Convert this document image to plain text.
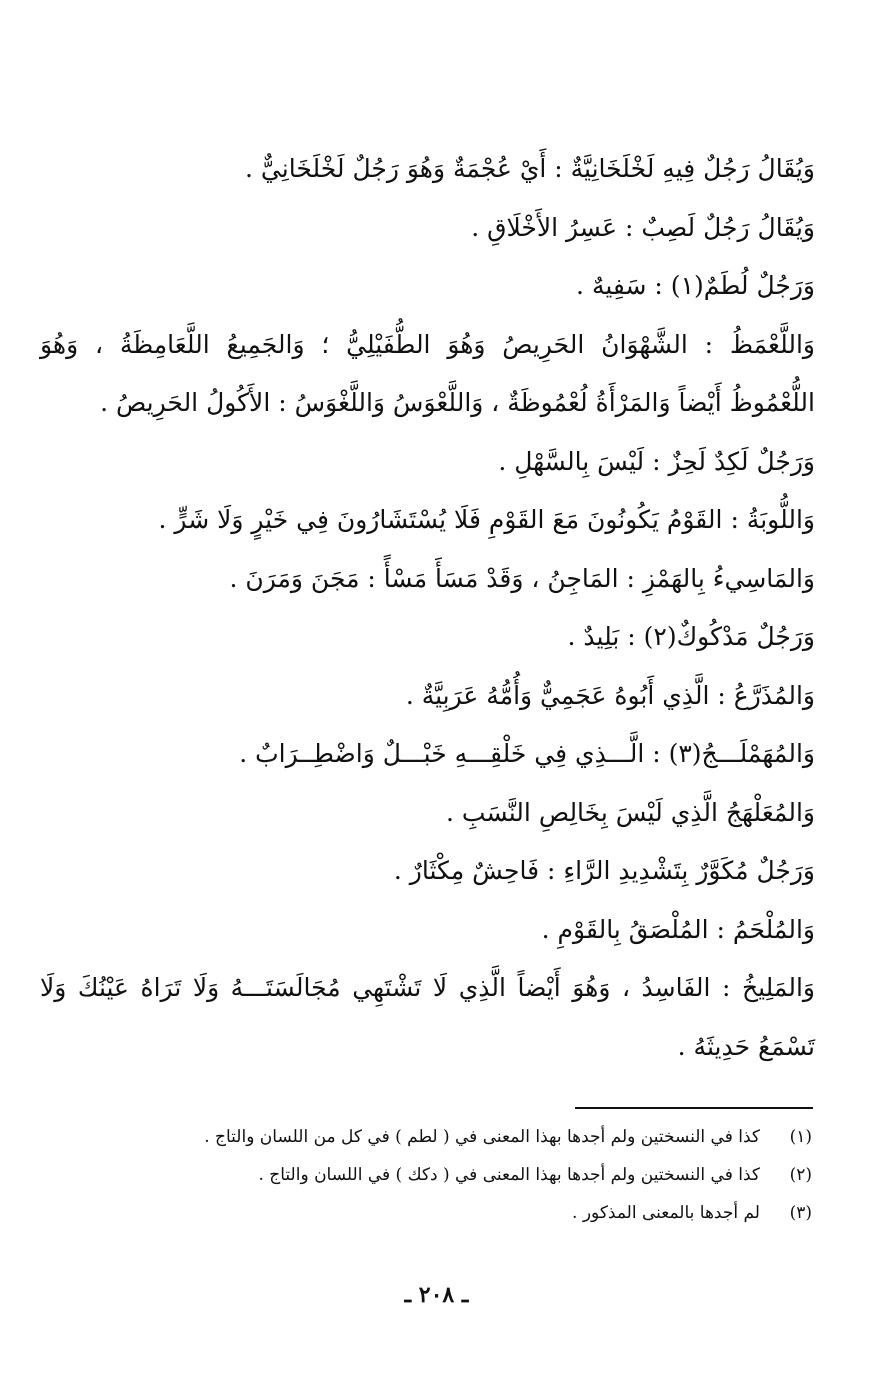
وَيُقَالُ رَجُلٌ فِيهِ لَخْلَخَانِيَّةٌ : أَيْ عُجْمَةٌ وَهُوَ رَجُلٌ لَخْلَخَانِيٌّ .

وَيُقَالُ رَجُلٌ لَصِبٌ : عَسِرُ الأَخْلَاقِ .

وَرَجُلٌ لُطَمٌ(١) : سَفِيهٌ .

وَاللَّعْمَظُ : الشَّهْوَانُ الحَرِيصُ وَهُوَ الطُّفَيْلِيُّ ؛ وَالجَمِيعُ اللَّعَامِظَةُ ، وَهُوَ اللُّعْمُوظُ أَيْضاً وَالمَرْأَةُ لُعْمُوظَةٌ ، وَاللَّعْوَسُ وَاللَّغْوَسُ : الأَكُولُ الحَرِيصُ .

وَرَجُلٌ لَكِدٌ لَحِزٌ : لَيْسَ بِالسَّهْلِ .

وَاللُّوبَةُ : القَوْمُ يَكُونُونَ مَعَ القَوْمِ فَلَا يُسْتَشَارُونَ فِي خَيْرٍ وَلَا شَرٍّ .

وَالمَاسِيءُ بِالهَمْزِ : المَاجِنُ ، وَقَدْ مَسَأَ مَسْأً : مَجَنَ وَمَرَنَ .

وَرَجُلٌ مَدْكُوكٌ(٢) : بَلِيدٌ .

وَالمُذَرَّعُ : الَّذِي أَبُوهُ عَجَمِيٌّ وَأُمُّهُ عَرَبِيَّةٌ .

وَالمُهَمْلَـــجُ(٣) : الَّـــذِي فِي خَلْقِـــهِ خَبْـــلٌ وَاضْطِــرَابٌ .

وَالمُعَلْهَجُ الَّذِي لَيْسَ بِخَالِصِ النَّسَبِ .

وَرَجُلٌ مُكَوَّرٌ بِتَشْدِيدِ الرَّاءِ : فَاحِشٌ مِكْثَارٌ .

وَالمُلْحَمُ : المُلْصَقُ بِالقَوْمِ .

وَالمَلِيخُ : الفَاسِدُ ، وَهُوَ أَيْضاً الَّذِي لَا تَشْتَهِي مُجَالَسَتَـــهُ وَلَا تَرَاهُ عَيْنُكَ وَلَا تَسْمَعُ حَدِيثَهُ .

(١)
كذا في النسختين ولم أجدها بهذا المعنى في ( لطم ) في كل من اللسان والتاج .
(٢)
كذا في النسختين ولم أجدها بهذا المعنى في ( دكك ) في اللسان والتاج .
(٣)
لم أجدها بالمعنى المذكور .
ـ ٢٠٨ ـ
